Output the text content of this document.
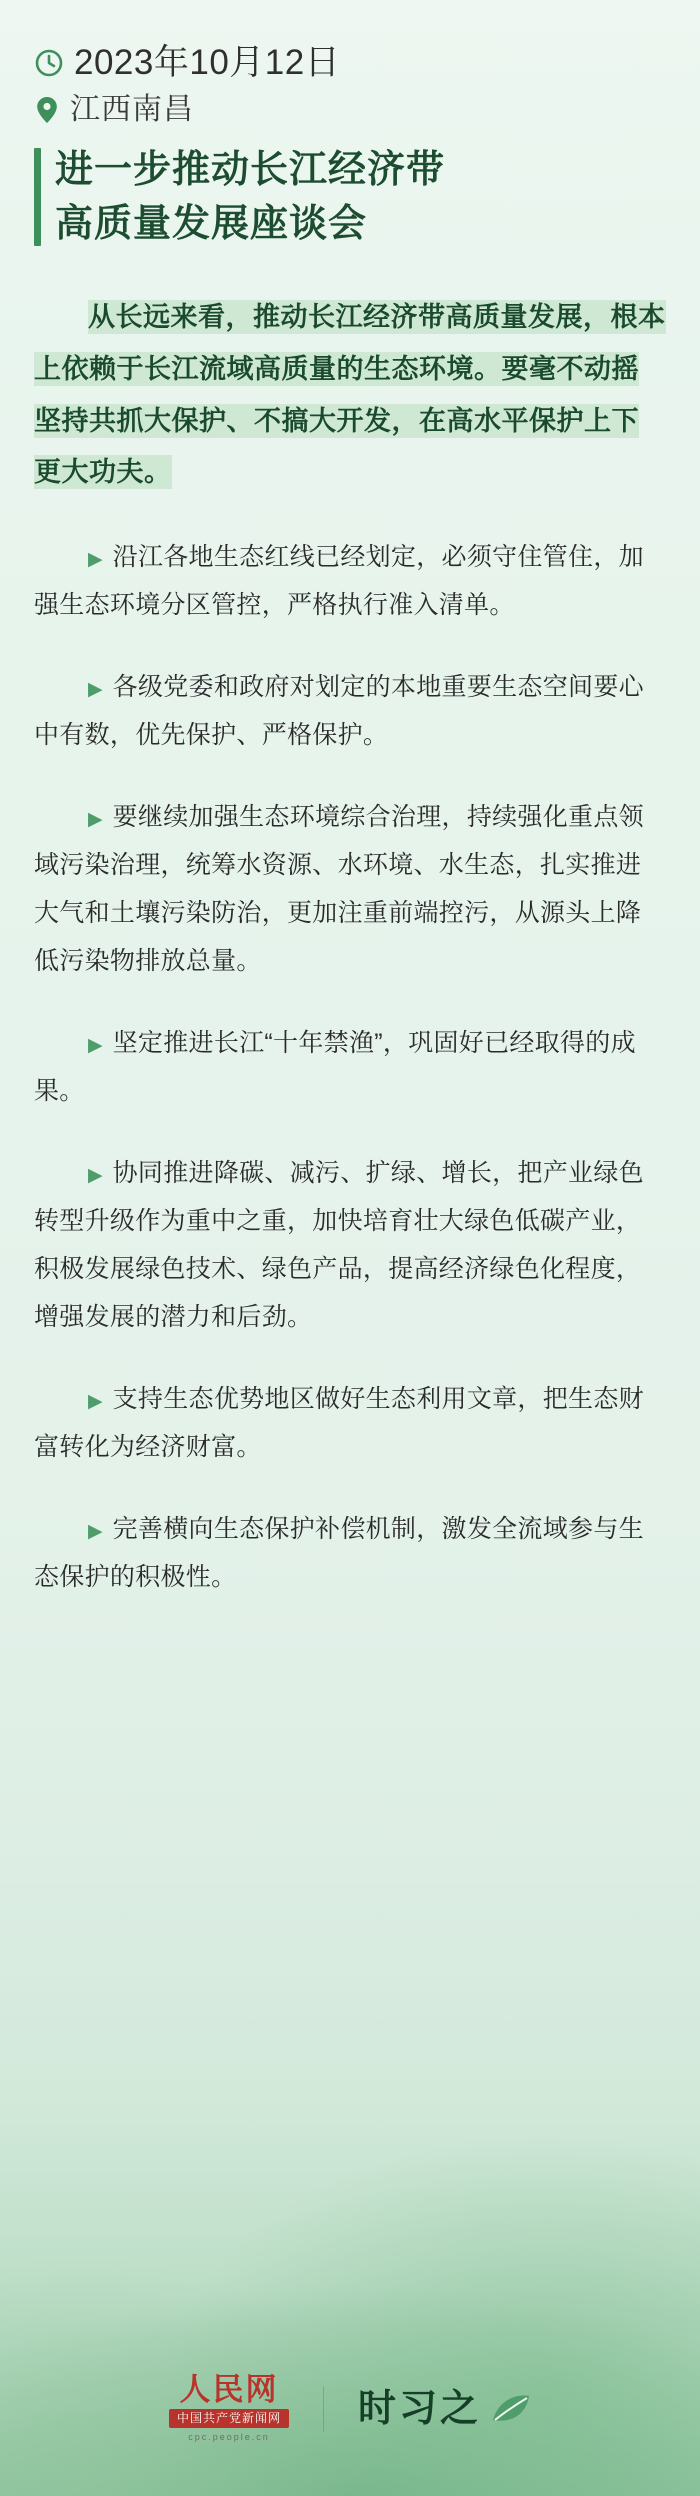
2023年10月12日
江西南昌
进一步推动长江经济带
高质量发展座谈会

从长远来看，推动长江经济带高质量发展，根本上依赖于长江流域高质量的生态环境。要毫不动摇坚持共抓大保护、不搞大开发，在高水平保护上下更大功夫。

▶ 沿江各地生态红线已经划定，必须守住管住，加强生态环境分区管控，严格执行准入清单。

▶ 各级党委和政府对划定的本地重要生态空间要心中有数，优先保护、严格保护。

▶ 要继续加强生态环境综合治理，持续强化重点领域污染治理，统筹水资源、水环境、水生态，扎实推进大气和土壤污染防治，更加注重前端控污，从源头上降低污染物排放总量。

▶ 坚定推进长江“十年禁渔”，巩固好已经取得的成果。

▶ 协同推进降碳、减污、扩绿、增长，把产业绿色转型升级作为重中之重，加快培育壮大绿色低碳产业，积极发展绿色技术、绿色产品，提高经济绿色化程度，增强发展的潜力和后劲。

▶ 支持生态优势地区做好生态利用文章，把生态财富转化为经济财富。

▶ 完善横向生态保护补偿机制，激发全流域参与生态保护的积极性。

人民网
中国共产党新闻网
cpc.people.cn
时习之
